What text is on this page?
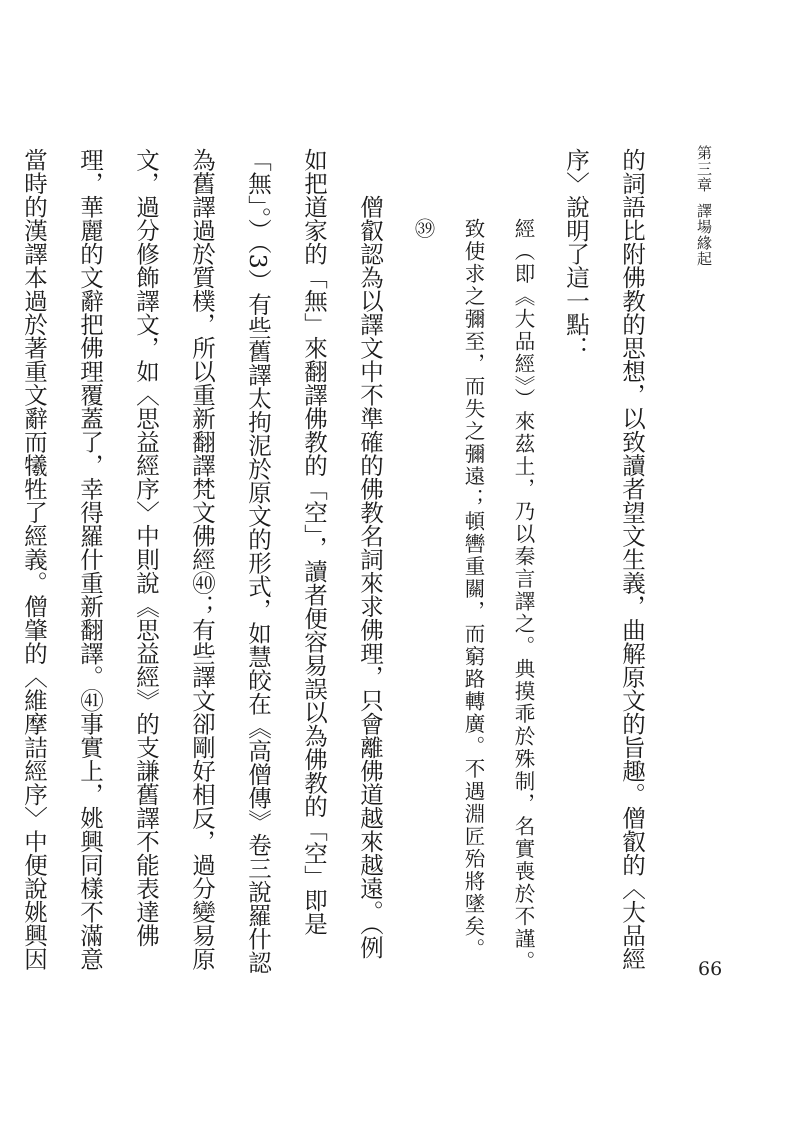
第三章　譯場緣起
66

的詞語比附佛教的思想，以致讀者望文生義，曲解原文的旨趣。僧叡的〈大品經序〉說明了這一點：

經（即《大品經》）來茲土，乃以秦言譯之。典摸乖於殊制，名實喪於不謹。致使求之彌至，而失之彌遠；頓轡重關，而窮路轉廣。不遇淵匠殆將墜矣。㊴

僧叡認為以譯文中不準確的佛教名詞來求佛理，只會離佛道越來越遠。（例如把道家的「無」來翻譯佛教的「空」，讀者便容易誤以為佛教的「空」即是「無」。）（3）有些舊譯太拘泥於原文的形式，如慧皎在《高僧傳》卷三說羅什認為舊譯過於質樸，所以重新翻譯梵文佛經㊵；有些譯文卻剛好相反，過分變易原文，過分修飾譯文，如〈思益經序〉中則說《思益經》的支謙舊譯不能表達佛理，華麗的文辭把佛理覆蓋了，幸得羅什重新翻譯。㊶事實上，姚興同樣不滿意當時的漢譯本過於著重文辭而犧牲了經義。僧肇的〈維摩詰經序〉中便說姚興因
